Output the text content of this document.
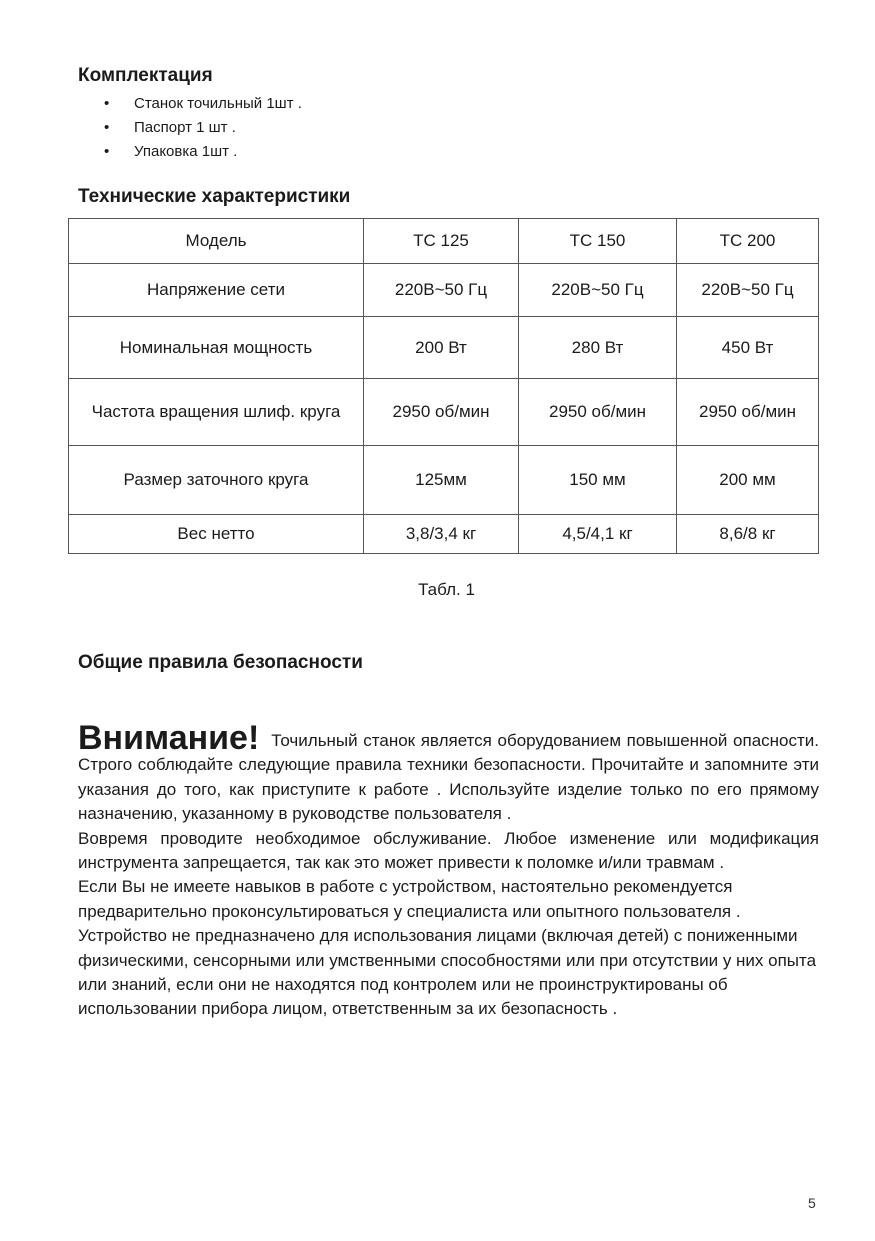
Комплектация
• Станок точильный 1шт .
• Паспорт 1 шт .
• Упаковка 1шт .
Технические характеристики
Модель	TC 125	TC 150	TC 200
Напряжение сети	220В~50 Гц	220В~50 Гц	220В~50 Гц
Номинальная мощность	200 Вт	280 Вт	450 Вт
Частота вращения шлиф. круга	2950 об/мин	2950 об/мин	2950 об/мин
Размер заточного круга	125мм	150 мм	200 мм
Вес нетто	3,8/3,4 кг	4,5/4,1 кг	8,6/8 кг

Табл. 1

Общие правила безопасности

Внимание! Точильный станок является оборудованием повышенной опасности. Строго соблюдайте следующие правила техники безопасности. Прочитайте и запомните эти указания до того, как приступите к работе . Используйте изделие только по его прямому назначению, указанному в руководстве пользователя .

Вовремя проводите необходимое обслуживание. Любое изменение или модификация инструмента запрещается, так как это может привести к поломке и/или травмам .

Если Вы не имеете навыков в работе с устройством, настоятельно рекомендуется предварительно проконсультироваться у специалиста или опытного пользователя .

Устройство не предназначено для использования лицами (включая детей) с пониженными физическими, сенсорными или умственными способностями или при отсутствии у них опыта или знаний, если они не находятся под контролем или не проинструктированы об использовании прибора лицом, ответственным за их безопасность .

5
